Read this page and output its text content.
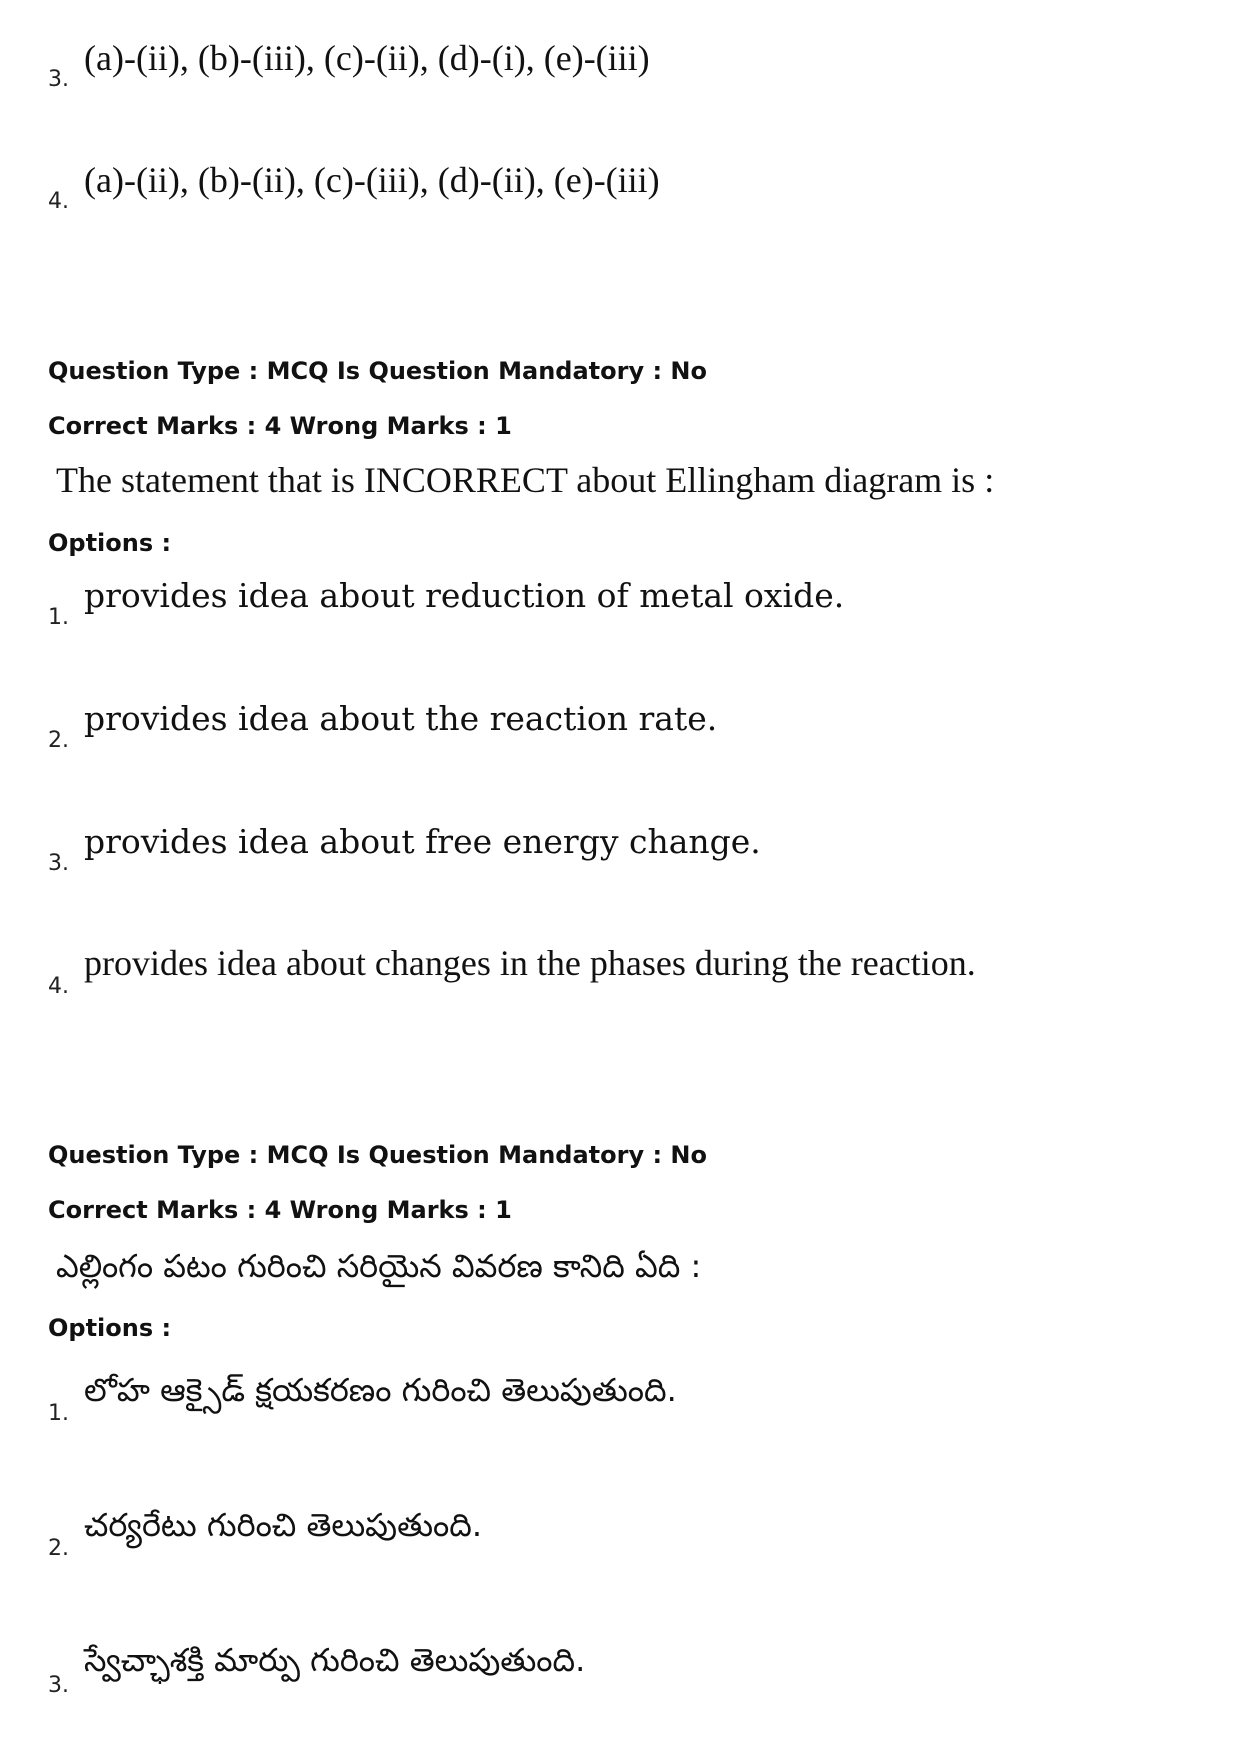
3.
(a)-(ii), (b)-(iii), (c)-(ii), (d)-(i), (e)-(iii)
4.
(a)-(ii), (b)-(ii), (c)-(iii), (d)-(ii), (e)-(iii)
Question Type : MCQ Is Question Mandatory : No
Correct Marks : 4 Wrong Marks : 1
The statement that is INCORRECT about Ellingham diagram is :
Options :
1.
provides idea about reduction of metal oxide.
2.
provides idea about the reaction rate.
3.
provides idea about free energy change.
4.
provides idea about changes in the phases during the reaction.
Question Type : MCQ Is Question Mandatory : No
Correct Marks : 4 Wrong Marks : 1
ఎల్లింగం పటం గురించి సరియైన వివరణ కానిది ఏది :
Options :
1.
లోహ ఆక్సైడ్ క్షయకరణం గురించి తెలుపుతుంది.
2.
చర్యరేటు గురించి తెలుపుతుంది.
3.
స్వేచ్ఛాశక్తి మార్పు గురించి తెలుపుతుంది.
